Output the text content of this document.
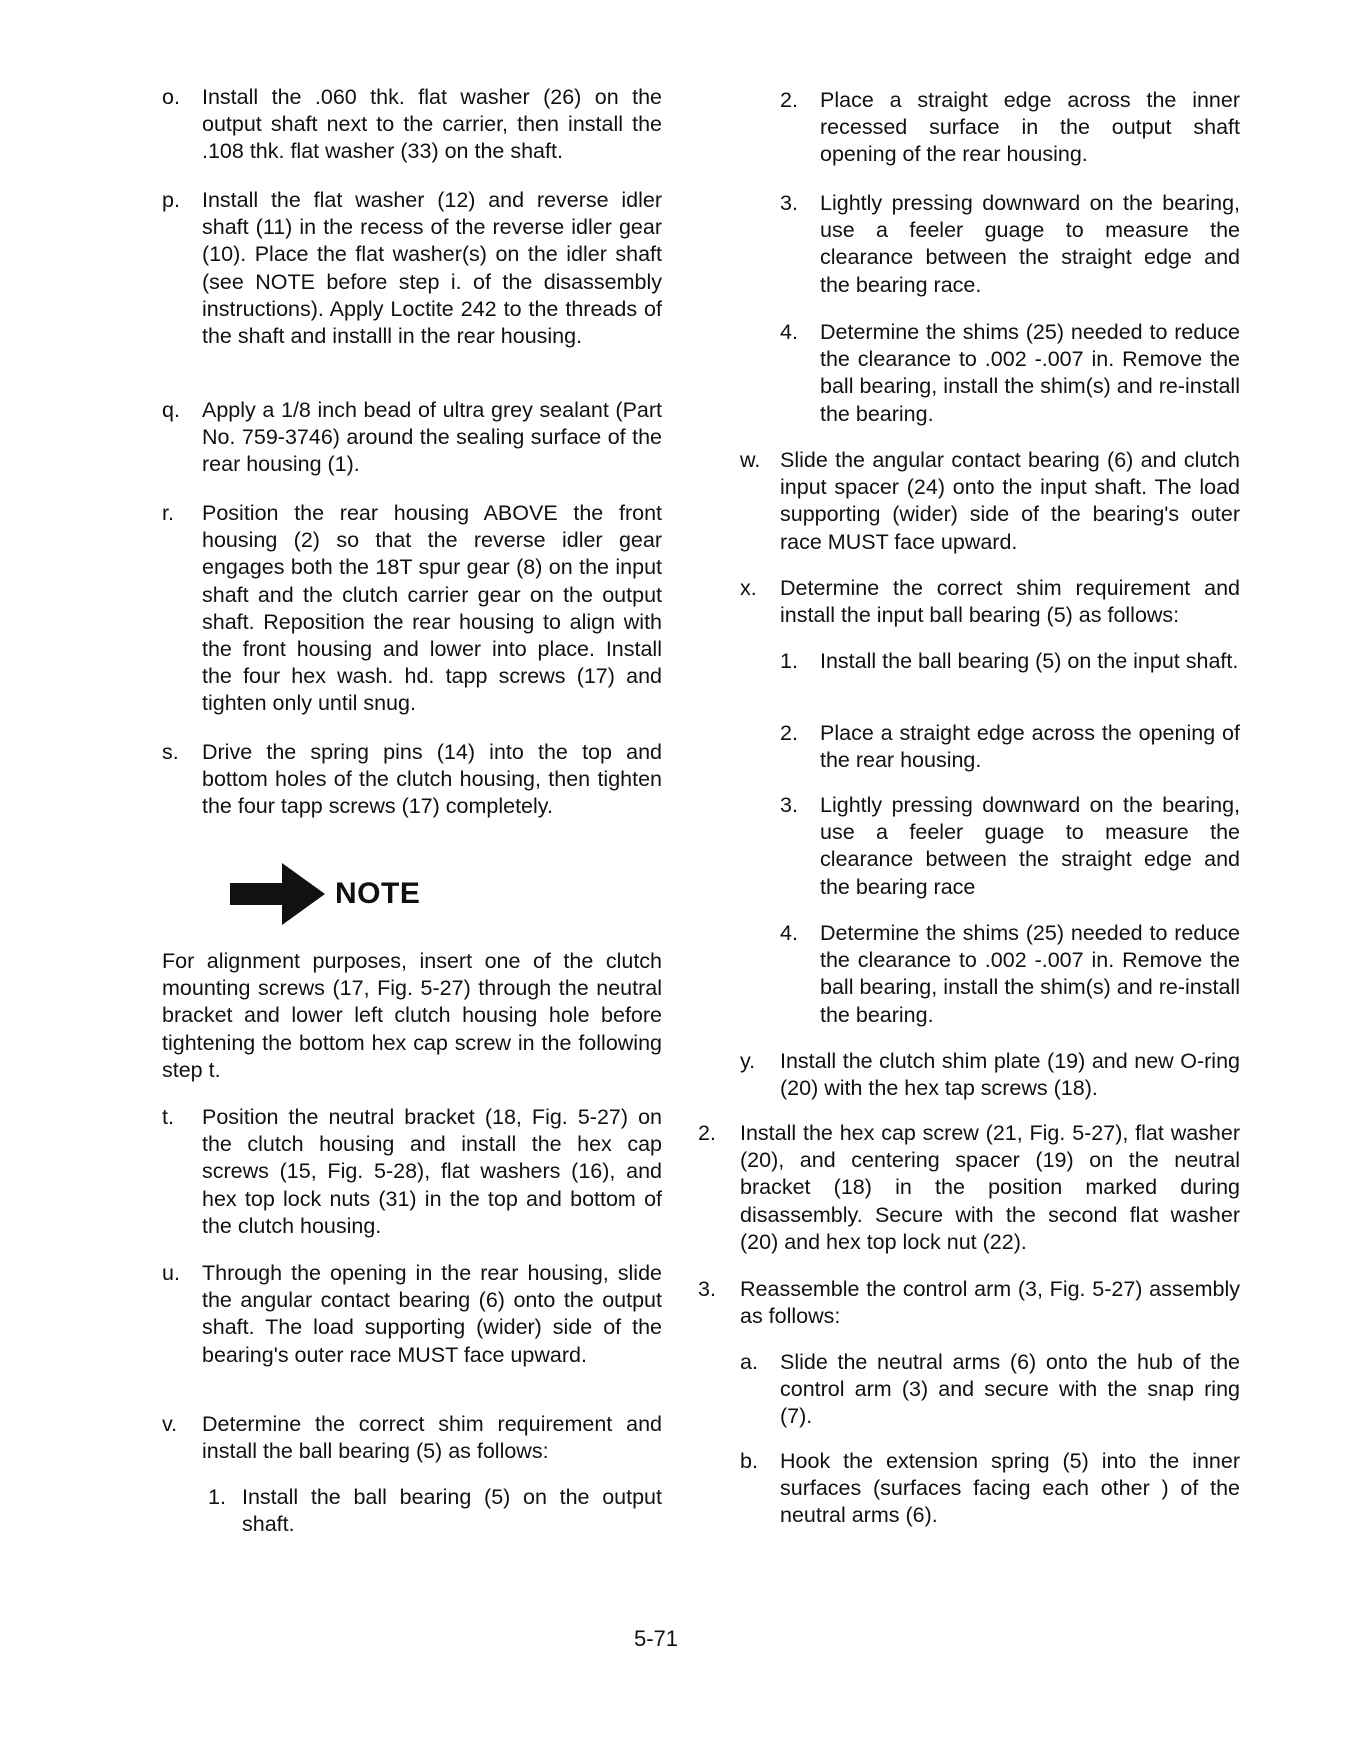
o. Install the .060 thk. flat washer (26) on the output shaft next to the carrier, then install the .108 thk. flat washer (33) on the shaft.
p. Install the flat washer (12) and reverse idler shaft (11) in the recess of the reverse idler gear (10). Place the flat washer(s) on the idler shaft (see NOTE before step i. of the disassembly instructions). Apply Loctite 242 to the threads of the shaft and installl in the rear housing.
q. Apply a 1/8 inch bead of ultra grey sealant (Part No. 759-3746) around the sealing surface of the rear housing (1).
r. Position the rear housing ABOVE the front housing (2) so that the reverse idler gear engages both the 18T spur gear (8) on the input shaft and the clutch carrier gear on the output shaft. Reposition the rear housing to align with the front housing and lower into place. Install the four hex wash. hd. tapp screws (17) and tighten only until snug.
s. Drive the spring pins (14) into the top and bottom holes of the clutch housing, then tighten the four tapp screws (17) completely.
NOTE
For alignment purposes, insert one of the clutch mounting screws (17, Fig. 5-27) through the neutral bracket and lower left clutch housing hole before tightening the bottom hex cap screw in the following step t.
t. Position the neutral bracket (18, Fig. 5-27) on the clutch housing and install the hex cap screws (15, Fig. 5-28), flat washers (16), and hex top lock nuts (31) in the top and bottom of the clutch housing.
u. Through the opening in the rear housing, slide the angular contact bearing (6) onto the output shaft. The load supporting (wider) side of the bearing's outer race MUST face upward.
v. Determine the correct shim requirement and install the ball bearing (5) as follows:
1. Install the ball bearing (5) on the output shaft.
2. Place a straight edge across the inner recessed surface in the output shaft opening of the rear housing.
3. Lightly pressing downward on the bearing, use a feeler guage to measure the clearance between the straight edge and the bearing race.
4. Determine the shims (25) needed to reduce the clearance to .002 -.007 in. Remove the ball bearing, install the shim(s) and re-install the bearing.
w. Slide the angular contact bearing (6) and clutch input spacer (24) onto the input shaft. The load supporting (wider) side of the bearing's outer race MUST face upward.
x. Determine the correct shim requirement and install the input ball bearing (5) as follows:
1. Install the ball bearing (5) on the input shaft.
2. Place a straight edge across the opening of the rear housing.
3. Lightly pressing downward on the bearing, use a feeler guage to measure the clearance between the straight edge and the bearing race
4. Determine the shims (25) needed to reduce the clearance to .002 -.007 in. Remove the ball bearing, install the shim(s) and re-install the bearing.
y. Install the clutch shim plate (19) and new O-ring (20) with the hex tap screws (18).
2. Install the hex cap screw (21, Fig. 5-27), flat washer (20), and centering spacer (19) on the neutral bracket (18) in the position marked during disassembly. Secure with the second flat washer (20) and hex top lock nut (22).
3. Reassemble the control arm (3, Fig. 5-27) assembly as follows:
a. Slide the neutral arms (6) onto the hub of the control arm (3) and secure with the snap ring (7).
b. Hook the extension spring (5) into the inner surfaces (surfaces facing each other ) of the neutral arms (6).
5-71
